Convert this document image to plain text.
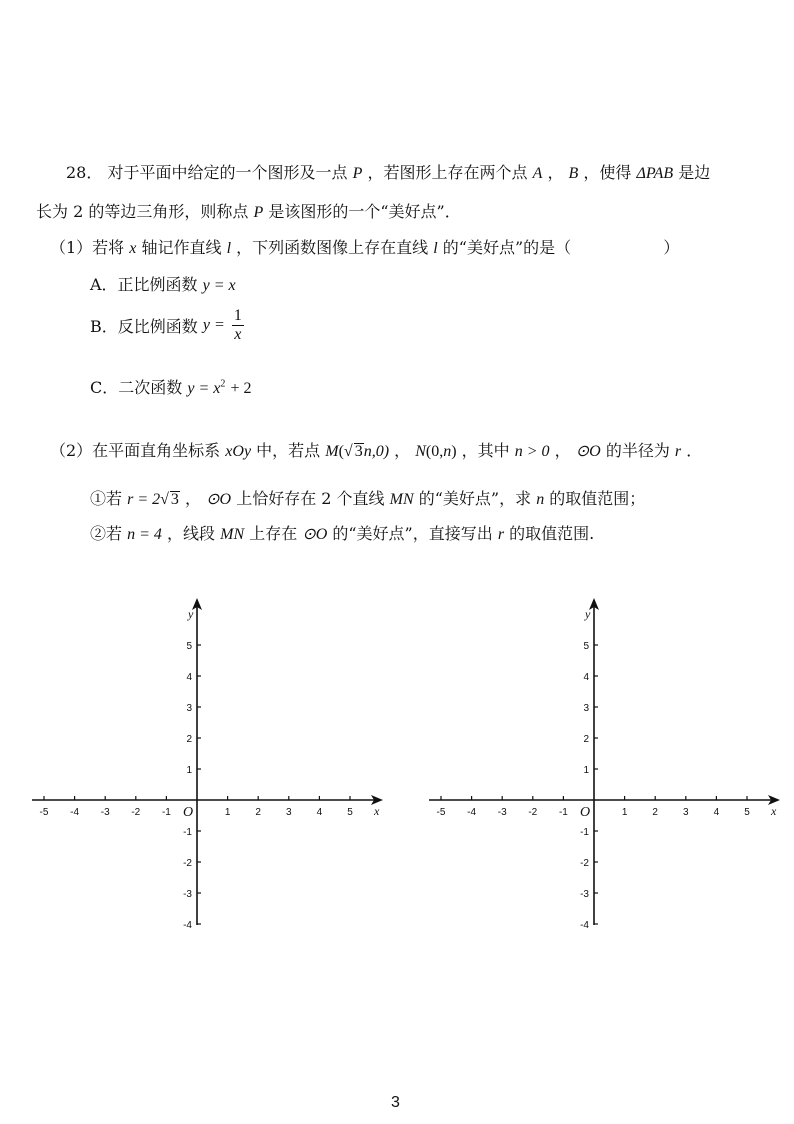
28． 对于平面中给定的一个图形及一点 P ，若图形上存在两个点 A ， B ，使得 ΔPAB 是边
长为 2 的等边三角形，则称点 P 是该图形的一个“美好点”．
（1）若将 x 轴记作直线 l ，下列函数图像上存在直线 l 的“美好点”的是（	）
A．正比例函数 y = x
B．反比例函数 $y = \frac{1}{x}$
C．二次函数 $y = x^2 + 2$
（2）在平面直角坐标系 xOy 中，若点 M(√ 3n,0) ， N(0,n) ，其中 n > 0 ， ⊙O 的半径为 r ．
①若 r = 2√ 3 ， ⊙O 上恰好存在 2 个直线 MN 的“美好点”，求 n 的取值范围；
②若 n = 4 ，线段 MN 上存在 ⊙O 的“美好点”，直接写出 r 的取值范围.
-5 -4 -3 -2 -1	1	2	3	4	5
5
4
3
2
1
-1
-2
-3
-4
x
y
O	-5 -4 -3 -2 -1	1	2	3	4	5
5
4
3
2
1
-1
-2
-3
-4
x
y
O
3
